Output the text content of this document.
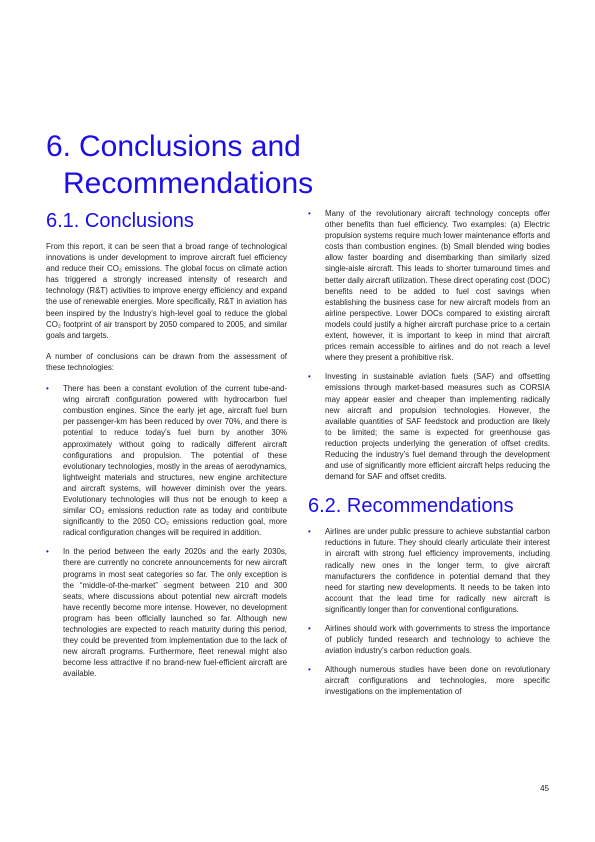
6. Conclusions and
Recommendations
6.1. Conclusions

From this report, it can be seen that a broad range of technological innovations is under development to improve aircraft fuel efficiency and reduce their CO₂ emissions. The global focus on climate action has triggered a strongly increased intensity of research and technology (R&T) activities to improve energy efficiency and expand the use of renewable energies. More specifically, R&T in aviation has been inspired by the Industry’s high-level goal to reduce the global CO₂ footprint of air transport by 2050 compared to 2005, and similar goals and targets.

A number of conclusions can be drawn from the assessment of these technologies:

• There has been a constant evolution of the current tube-and-wing aircraft configuration powered with hydrocarbon fuel combustion engines. Since the early jet age, aircraft fuel burn per passenger-km has been reduced by over 70%, and there is potential to reduce today’s fuel burn by another 30% approximately without going to radically different aircraft configurations and propulsion. The potential of these evolutionary technologies, mostly in the areas of aerodynamics, lightweight materials and structures, new engine architecture and aircraft systems, will however diminish over the years. Evolutionary technologies will thus not be enough to keep a similar CO₂ emissions reduction rate as today and contribute significantly to the 2050 CO₂ emissions reduction goal, more radical configuration changes will be required in addition.
• In the period between the early 2020s and the early 2030s, there are currently no concrete announcements for new aircraft programs in most seat categories so far. The only exception is the “middle-of-the-market” segment between 210 and 300 seats, where discussions about potential new aircraft models have recently become more intense. However, no development program has been officially launched so far. Although new technologies are expected to reach maturity during this period, they could be prevented from implementation due to the lack of new aircraft programs. Furthermore, fleet renewal might also become less attractive if no brand-new fuel-efficient aircraft are available.
• Many of the revolutionary aircraft technology concepts offer other benefits than fuel efficiency. Two examples: (a) Electric propulsion systems require much lower maintenance efforts and costs than combustion engines. (b) Small blended wing bodies allow faster boarding and disembarking than similarly sized single-aisle aircraft. This leads to shorter turnaround times and better daily aircraft utilization. These direct operating cost (DOC) benefits need to be added to fuel cost savings when establishing the business case for new aircraft models from an airline perspective. Lower DOCs compared to existing aircraft models could justify a higher aircraft purchase price to a certain extent, however, it is important to keep in mind that aircraft prices remain accessible to airlines and do not reach a level where they present a prohibitive risk.
• Investing in sustainable aviation fuels (SAF) and offsetting emissions through market-based measures such as CORSIA may appear easier and cheaper than implementing radically new aircraft and propulsion technologies. However, the available quantities of SAF feedstock and production are likely to be limited; the same is expected for greenhouse gas reduction projects underlying the generation of offset credits. Reducing the industry’s fuel demand through the development and use of significantly more efficient aircraft helps reducing the demand for SAF and offset credits.
6.2. Recommendations
• Airlines are under public pressure to achieve substantial carbon reductions in future. They should clearly articulate their interest in aircraft with strong fuel efficiency improvements, including radically new ones in the longer term, to give aircraft manufacturers the confidence in potential demand that they need for starting new developments. It needs to be taken into account that the lead time for radically new aircraft is significantly longer than for conventional configurations.
• Airlines should work with governments to stress the importance of publicly funded research and technology to achieve the aviation industry’s carbon reduction goals.
• Although numerous studies have been done on revolutionary aircraft configurations and technologies, more specific investigations on the implementation of
45
